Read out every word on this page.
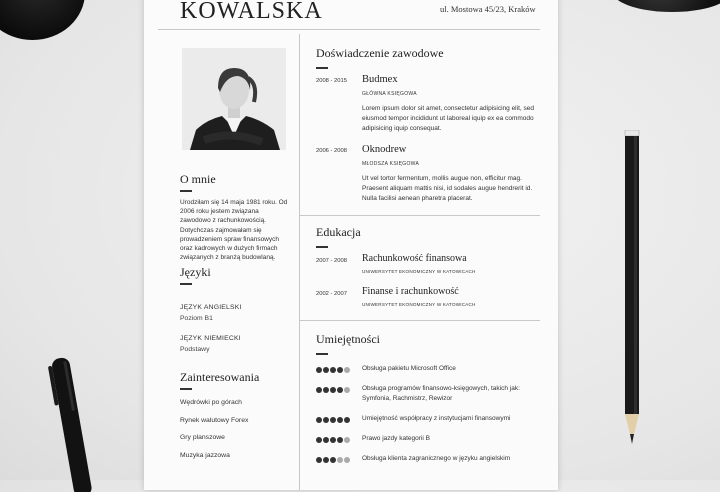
KOWALSKA	ul. Mostowa 45/23, Kraków
O mnie
Urodziłam się 14 maja 1981 roku. Od 2006 roku jestem związana zawodowo z rachunkowością. Dotychczas zajmowałam się prowadzeniem spraw finansowych oraz kadrowych w dużych firmach związanych z branżą budowlaną.
Języki
JĘZYK ANGIELSKI
Poziom B1
JĘZYK NIEMIECKI
Podstawy
Zainteresowania
Wędrówki po górach
Rynek walutowy Forex
Gry planszowe
Muzyka jazzowa
Doświadczenie zawodowe
2008 - 2015 Budmex
GŁÓWNA KSIĘGOWA
Lorem ipsum dolor sit amet, consectetur adipisicing elit, sed eiusmod tempor incididunt ut laboreal iquip ex ea commodo adipisicing iquip consequat.
2006 - 2008 Oknodrew
MŁODSZA KSIĘGOWA
Ut vel tortor fermentum, mollis augue non, efficitur mag. Praesent aliquam mattis nisi, id sodales augue hendrerit id. Nulla facilisi aenean pharetra placerat.
Edukacja
2007 - 2008 Rachunkowość finansowa
UNIWERSYTET EKONOMICZNY W KATOWICACH
2002 - 2007 Finanse i rachunkowość
UNIWERSYTET EKONOMICZNY W KATOWICACH
Umiejętności
Obsługa pakietu Microsoft Office
Obsługa programów finansowo-księgowych, takich jak: Symfonia, Rachmistrz, Rewizor
Umiejętność współpracy z instytucjami finansowymi
Prawo jazdy kategorii B
Obsługa klienta zagranicznego w języku angielskim
